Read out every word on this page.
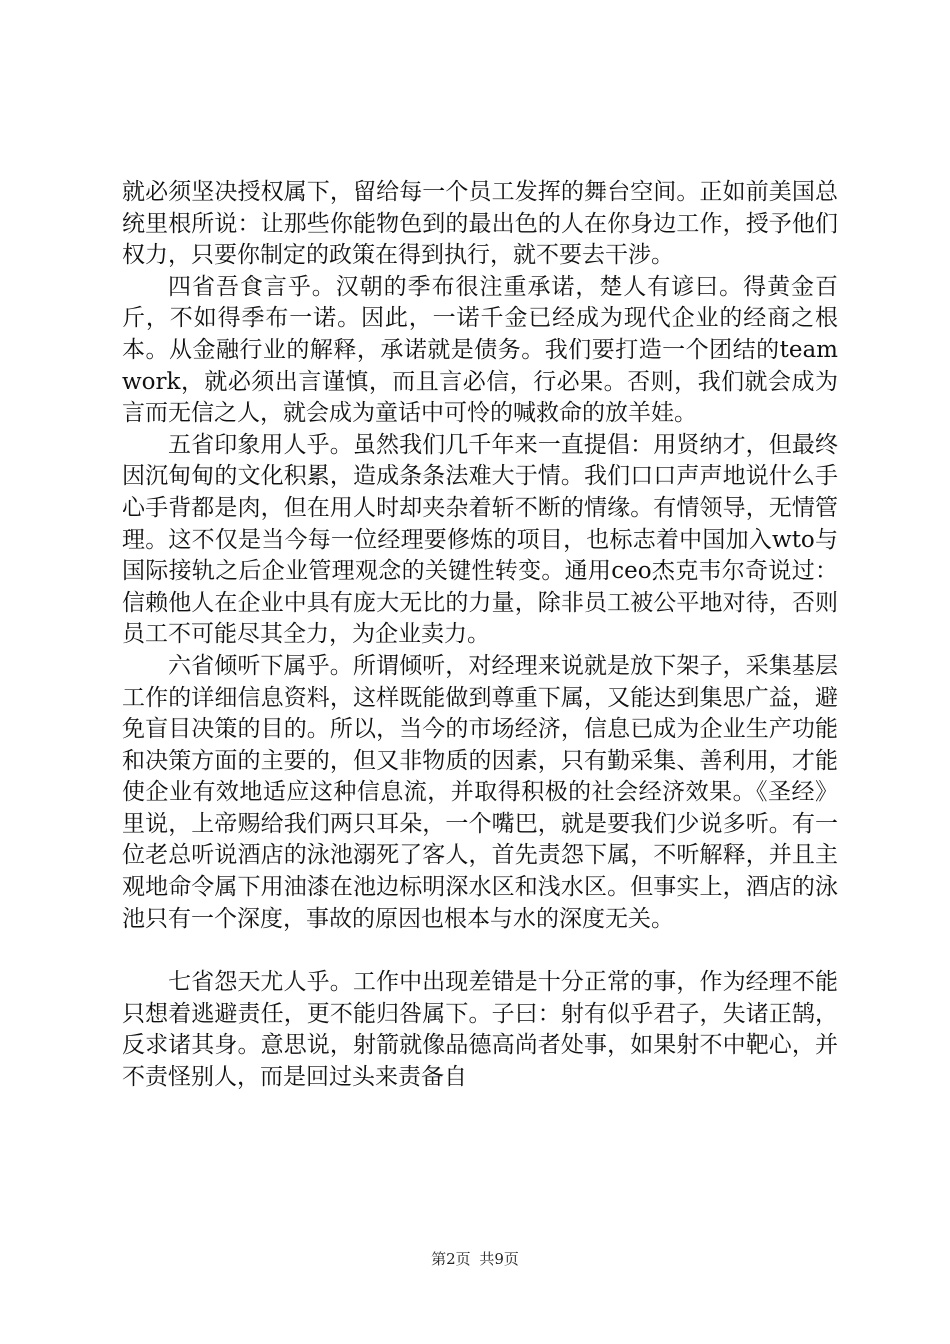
就必须坚决授权属下，留给每一个员工发挥的舞台空间。正如前美国总统里根所说：让那些你能物色到的最出色的人在你身边工作，授予他们权力，只要你制定的政策在得到执行，就不要去干涉。

四省吾食言乎。汉朝的季布很注重承诺，楚人有谚曰。得黄金百斤，不如得季布一诺。因此，一诺千金已经成为现代企业的经商之根本。从金融行业的解释，承诺就是债务。我们要打造一个团结的teamwork，就必须出言谨慎，而且言必信，行必果。否则，我们就会成为言而无信之人，就会成为童话中可怜的喊救命的放羊娃。

五省印象用人乎。虽然我们几千年来一直提倡：用贤纳才，但最终因沉甸甸的文化积累，造成条条法难大于情。我们口口声声地说什么手心手背都是肉，但在用人时却夹杂着斩不断的情缘。有情领导，无情管理。这不仅是当今每一位经理要修炼的项目，也标志着中国加入wto与国际接轨之后企业管理观念的关键性转变。通用ceo杰克韦尔奇说过：信赖他人在企业中具有庞大无比的力量，除非员工被公平地对待，否则员工不可能尽其全力，为企业卖力。

六省倾听下属乎。所谓倾听，对经理来说就是放下架子，采集基层工作的详细信息资料，这样既能做到尊重下属，又能达到集思广益，避免盲目决策的目的。所以，当今的市场经济，信息已成为企业生产功能和决策方面的主要的，但又非物质的因素，只有勤采集、善利用，才能使企业有效地适应这种信息流，并取得积极的社会经济效果。《圣经》里说，上帝赐给我们两只耳朵，一个嘴巴，就是要我们少说多听。有一位老总听说酒店的泳池溺死了客人，首先责怨下属，不听解释，并且主观地命令属下用油漆在池边标明深水区和浅水区。但事实上，酒店的泳池只有一个深度，事故的原因也根本与水的深度无关。

七省怨天尤人乎。工作中出现差错是十分正常的事，作为经理不能只想着逃避责任，更不能归咎属下。子曰：射有似乎君子，失诸正鹄，反求诸其身。意思说，射箭就像品德高尚者处事，如果射不中靶心，并不责怪别人，而是回过头来责备自

第2页 共9页
